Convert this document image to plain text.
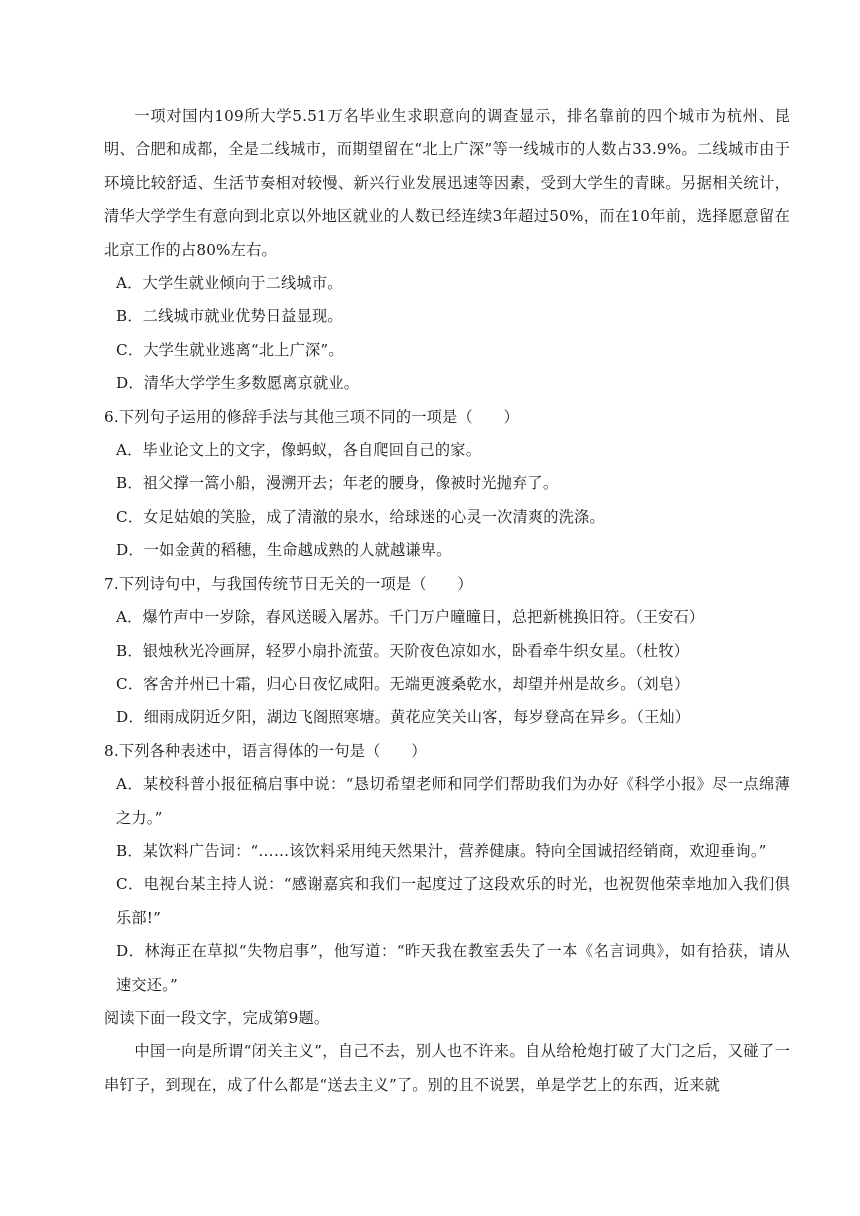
一项对国内109所大学5.51万名毕业生求职意向的调查显示，排名靠前的四个城市为杭州、昆明、合肥和成都，全是二线城市，而期望留在“北上广深”等一线城市的人数占33.9%。二线城市由于环境比较舒适、生活节奏相对较慢、新兴行业发展迅速等因素，受到大学生的青睐。另据相关统计，清华大学学生有意向到北京以外地区就业的人数已经连续3年超过50%，而在10年前，选择愿意留在北京工作的占80%左右。

A．大学生就业倾向于二线城市。

B．二线城市就业优势日益显现。

C．大学生就业逃离“北上广深”。

D．清华大学学生多数愿离京就业。

6.下列句子运用的修辞手法与其他三项不同的一项是（　　）

A．毕业论文上的文字，像蚂蚁，各自爬回自己的家。

B．祖父撑一篙小船，漫溯开去；年老的腰身，像被时光抛弃了。

C．女足姑娘的笑脸，成了清澈的泉水，给球迷的心灵一次清爽的洗涤。

D．一如金黄的稻穗，生命越成熟的人就越谦卑。

7.下列诗句中，与我国传统节日无关的一项是（　　）

A．爆竹声中一岁除，春风送暖入屠苏。千门万户曈曈日，总把新桃换旧符。（王安石）

B．银烛秋光冷画屏，轻罗小扇扑流萤。天阶夜色凉如水，卧看牵牛织女星。（杜牧）

C．客舍并州已十霜，归心日夜忆咸阳。无端更渡桑乾水，却望并州是故乡。（刘皂）

D．细雨成阴近夕阳，湖边飞阁照寒塘。黄花应笑关山客，每岁登高在异乡。（王灿）

8.下列各种表述中，语言得体的一句是（　　）

A．某校科普小报征稿启事中说：“恳切希望老师和同学们帮助我们为办好《科学小报》尽一点绵薄之力。”

B．某饮料广告词：“……该饮料采用纯天然果汁，营养健康。特向全国诚招经销商，欢迎垂询。”

C．电视台某主持人说：“感谢嘉宾和我们一起度过了这段欢乐的时光，也祝贺他荣幸地加入我们俱乐部!”

D．林海正在草拟“失物启事”，他写道：“昨天我在教室丢失了一本《名言词典》，如有拾获，请从速交还。”

阅读下面一段文字，完成第9题。

中国一向是所谓“闭关主义”，自己不去，别人也不许来。自从给枪炮打破了大门之后，又碰了一串钉子，到现在，成了什么都是“送去主义”了。别的且不说罢，单是学艺上的东西，近来就
